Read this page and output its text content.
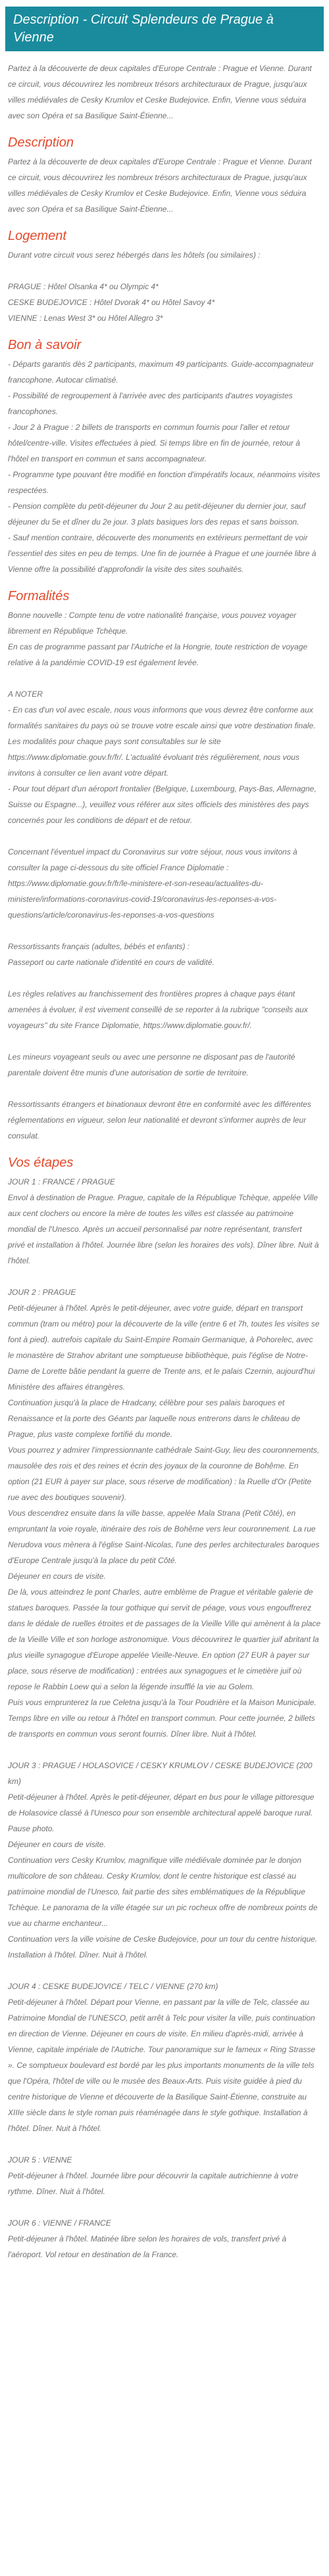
Description - Circuit Splendeurs de Prague à Vienne

Partez à la découverte de deux capitales d'Europe Centrale : Prague et Vienne. Durant ce circuit, vous découvrirez les nombreux trésors architecturaux de Prague, jusqu'aux villes médiévales de Cesky Krumlov et Ceske Budejovice. Enfin, Vienne vous séduira avec son Opéra et sa Basilique Saint-Étienne...

Description

Partez à la découverte de deux capitales d'Europe Centrale : Prague et Vienne. Durant ce circuit, vous découvrirez les nombreux trésors architecturaux de Prague, jusqu'aux villes médiévales de Cesky Krumlov et Ceske Budejovice. Enfin, Vienne vous séduira avec son Opéra et sa Basilique Saint-Étienne...

Logement
Durant votre circuit vous serez hébergés dans les hôtels (ou similaires) :
PRAGUE : Hôtel Olsanka 4* ou Olympic 4*
CESKE BUDEJOVICE : Hôtel Dvorak 4* ou Hôtel Savoy 4*
VIENNE : Lenas West 3* ou Hôtel Allegro 3*
Bon à savoir
- Départs garantis dès 2 participants, maximum 49 participants. Guide-accompagnateur francophone. Autocar climatisé.
- Possibilité de regroupement à l'arrivée avec des participants d'autres voyagistes francophones.
- Jour 2 à Prague : 2 billets de transports en commun fournis pour l'aller et retour hôtel/centre-ville. Visites effectuées à pied. Si temps libre en fin de journée, retour à l'hôtel en transport en commun et sans accompagnateur.
- Programme type pouvant être modifié en fonction d'impératifs locaux, néanmoins visites respectées.
- Pension complète du petit-déjeuner du Jour 2 au petit-déjeuner du dernier jour, sauf déjeuner du 5e et dîner du 2e jour. 3 plats basiques lors des repas et sans boisson.
- Sauf mention contraire, découverte des monuments en extérieurs permettant de voir l'essentiel des sites en peu de temps. Une fin de journée à Prague et une journée libre à Vienne offre la possibilité d'approfondir la visite des sites souhaités.
Formalités
Bonne nouvelle : Compte tenu de votre nationalité française, vous pouvez voyager librement en République Tchèque.
En cas de programme passant par l'Autriche et la Hongrie, toute restriction de voyage relative à la pandémie COVID-19 est également levée.
A NOTER
- En cas d'un vol avec escale, nous vous informons que vous devrez être conforme aux formalités sanitaires du pays où se trouve votre escale ainsi que votre destination finale.
Les modalités pour chaque pays sont consultables sur le site https://www.diplomatie.gouv.fr/fr/. L'actualité évoluant très régulièrement, nous vous invitons à consulter ce lien avant votre départ.
- Pour tout départ d'un aéroport frontalier (Belgique, Luxembourg, Pays-Bas, Allemagne, Suisse ou Espagne...), veuillez vous référer aux sites officiels des ministères des pays concernés pour les conditions de départ et de retour.
Concernant l'éventuel impact du Coronavirus sur votre séjour, nous vous invitons à consulter la page ci-dessous du site officiel France Diplomatie : https://www.diplomatie.gouv.fr/fr/le-ministere-et-son-reseau/actualites-du-ministere/informations-coronavirus-covid-19/coronavirus-les-reponses-a-vos-questions/article/coronavirus-les-reponses-a-vos-questions
Ressortissants français (adultes, bébés et enfants) :
Passeport ou carte nationale d'identité en cours de validité.
Les règles relatives au franchissement des frontières propres à chaque pays étant amenées à évoluer, il est vivement conseillé de se reporter à la rubrique "conseils aux voyageurs" du site France Diplomatie, https://www.diplomatie.gouv.fr/.
Les mineurs voyageant seuls ou avec une personne ne disposant pas de l'autorité parentale doivent être munis d'une autorisation de sortie de territoire.
Ressortissants étrangers et binationaux devront être en conformité avec les différentes réglementations en vigueur, selon leur nationalité et devront s'informer auprès de leur consulat.
Vos étapes
JOUR 1 : FRANCE / PRAGUE
Envol à destination de Prague. Prague, capitale de la République Tchèque, appelée Ville aux cent clochers ou encore la mère de toutes les villes est classée au patrimoine mondial de l'Unesco. Après un accueil personnalisé par notre représentant, transfert privé et installation à l'hôtel. Journée libre (selon les horaires des vols). Dîner libre. Nuit à l'hôtel.
JOUR 2 : PRAGUE
Petit-déjeuner à l'hôtel. Après le petit-déjeuner, avec votre guide, départ en transport commun (tram ou métro) pour la découverte de la ville (entre 6 et 7h, toutes les visites se font à pied). autrefois capitale du Saint-Empire Romain Germanique, à Pohorelec, avec le monastère de Strahov abritant une somptueuse bibliothèque, puis l'église de Notre-Dame de Lorette bâtie pendant la guerre de Trente ans, et le palais Czernin, aujourd'hui Ministère des affaires étrangères.
Continuation jusqu'à la place de Hradcany, célèbre pour ses palais baroques et Renaissance et la porte des Géants par laquelle nous entrerons dans le château de Prague, plus vaste complexe fortifié du monde.
Vous pourrez y admirer l'impressionnante cathédrale Saint-Guy, lieu des couronnements, mausolée des rois et des reines et écrin des joyaux de la couronne de Bohême. En option (21 EUR à payer sur place, sous réserve de modification) : la Ruelle d'Or (Petite rue avec des boutiques souvenir).
Vous descendrez ensuite dans la ville basse, appelée Mala Strana (Petit Côté), en empruntant la voie royale, itinéraire des rois de Bohême vers leur couronnement. La rue Nerudova vous mènera à l'église Saint-Nicolas, l'une des perles architecturales baroques d'Europe Centrale jusqu'à la place du petit Côté.
Déjeuner en cours de visite.
De là, vous atteindrez le pont Charles, autre emblème de Prague et véritable galerie de statues baroques. Passée la tour gothique qui servit de péage, vous vous engouffrerez dans le dédale de ruelles étroites et de passages de la Vieille Ville qui amènent à la place de la Vieille Ville et son horloge astronomique. Vous découvrirez le quartier juif abritant la plus vieille synagogue d'Europe appelée Vieille-Neuve. En option (27 EUR à payer sur place, sous réserve de modification) : entrées aux synagogues et le cimetière juif où repose le Rabbin Loew qui a selon la légende insufflé la vie au Golem.
Puis vous emprunterez la rue Celetna jusqu'à la Tour Poudrière et la Maison Municipale. Temps libre en ville ou retour à l'hôtel en transport commun. Pour cette journée, 2 billets de transports en commun vous seront fournis. Dîner libre. Nuit à l'hôtel.
JOUR 3 : PRAGUE / HOLASOVICE / CESKY KRUMLOV / CESKE BUDEJOVICE (200 km)
Petit-déjeuner à l'hôtel. Après le petit-déjeuner, départ en bus pour le village pittoresque de Holasovice classé à l'Unesco pour son ensemble architectural appelé baroque rural. Pause photo.
Déjeuner en cours de visite.
Continuation vers Cesky Krumlov, magnifique ville médiévale dominée par le donjon multicolore de son château. Cesky Krumlov, dont le centre historique est classé au patrimoine mondial de l'Unesco, fait partie des sites emblématiques de la République Tchèque. Le panorama de la ville étagée sur un pic rocheux offre de nombreux points de vue au charme enchanteur...
Continuation vers la ville voisine de Ceske Budejovice, pour un tour du centre historique.
Installation à l'hôtel. Dîner. Nuit à l'hôtel.
JOUR 4 : CESKE BUDEJOVICE / TELC / VIENNE (270 km)
Petit-déjeuner à l'hôtel. Départ pour Vienne, en passant par la ville de Telc, classée au Patrimoine Mondial de l'UNESCO, petit arrêt à Telc pour visiter la ville, puis continuation en direction de Vienne. Déjeuner en cours de visite. En milieu d'après-midi, arrivée à Vienne, capitale impériale de l'Autriche. Tour panoramique sur le fameux « Ring Strasse ». Ce somptueux boulevard est bordé par les plus importants monuments de la ville tels que l'Opéra, l'hôtel de ville ou le musée des Beaux-Arts. Puis visite guidée à pied du centre historique de Vienne et découverte de la Basilique Saint-Étienne, construite au XIIIe siècle dans le style roman puis réaménagée dans le style gothique. Installation à l'hôtel. Dîner. Nuit à l'hôtel.
JOUR 5 : VIENNE
Petit-déjeuner à l'hôtel. Journée libre pour découvrir la capitale autrichienne à votre rythme. Dîner. Nuit à l'hôtel.
JOUR 6 : VIENNE / FRANCE
Petit-déjeuner à l'hôtel. Matinée libre selon les horaires de vols, transfert privé à l'aéroport. Vol retour en destination de la France.
